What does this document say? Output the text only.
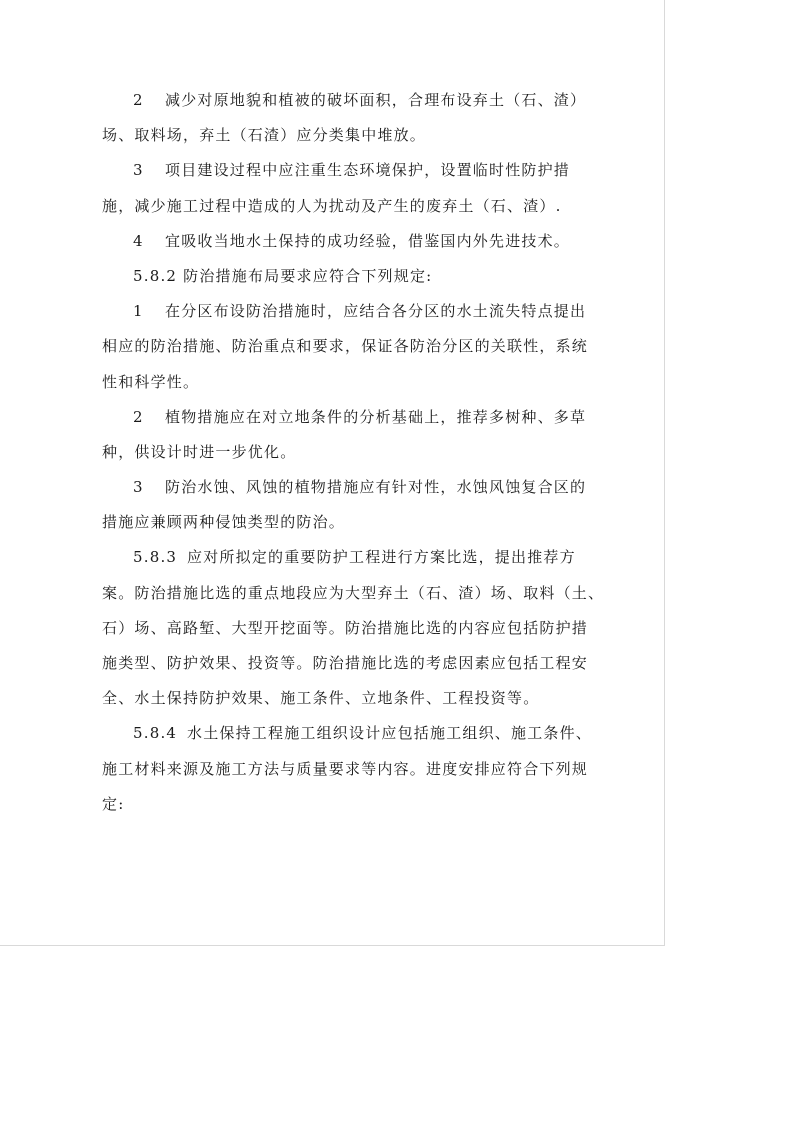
2 减少对原地貌和植被的破坏面积，合理布设弃土（石、渣）
场、取料场，弃土（石渣）应分类集中堆放。
3 项目建设过程中应注重生态环境保护，设置临时性防护措
施，减少施工过程中造成的人为扰动及产生的废弃土（石、渣）.
4 宜吸收当地水土保持的成功经验，借鉴国内外先进技术。
5.8.2 防治措施布局要求应符合下列规定:
1 在分区布设防治措施时，应结合各分区的水土流失特点提出
相应的防治措施、防治重点和要求，保证各防治分区的关联性，系统
性和科学性。
2 植物措施应在对立地条件的分析基础上，推荐多树种、多草
种，供设计时进一步优化。
3 防治水蚀、风蚀的植物措施应有针对性，水蚀风蚀复合区的
措施应兼顾两种侵蚀类型的防治。
5.8.3 应对所拟定的重要防护工程进行方案比选，提出推荐方
案。防治措施比选的重点地段应为大型弃土（石、渣）场、取料（土、
石）场、高路堑、大型开挖面等。防治措施比选的内容应包括防护措
施类型、防护效果、投资等。防治措施比选的考虑因素应包括工程安
全、水土保持防护效果、施工条件、立地条件、工程投资等。
5.8.4 水土保持工程施工组织设计应包括施工组织、施工条件、
施工材料来源及施工方法与质量要求等内容。进度安排应符合下列规
定:
